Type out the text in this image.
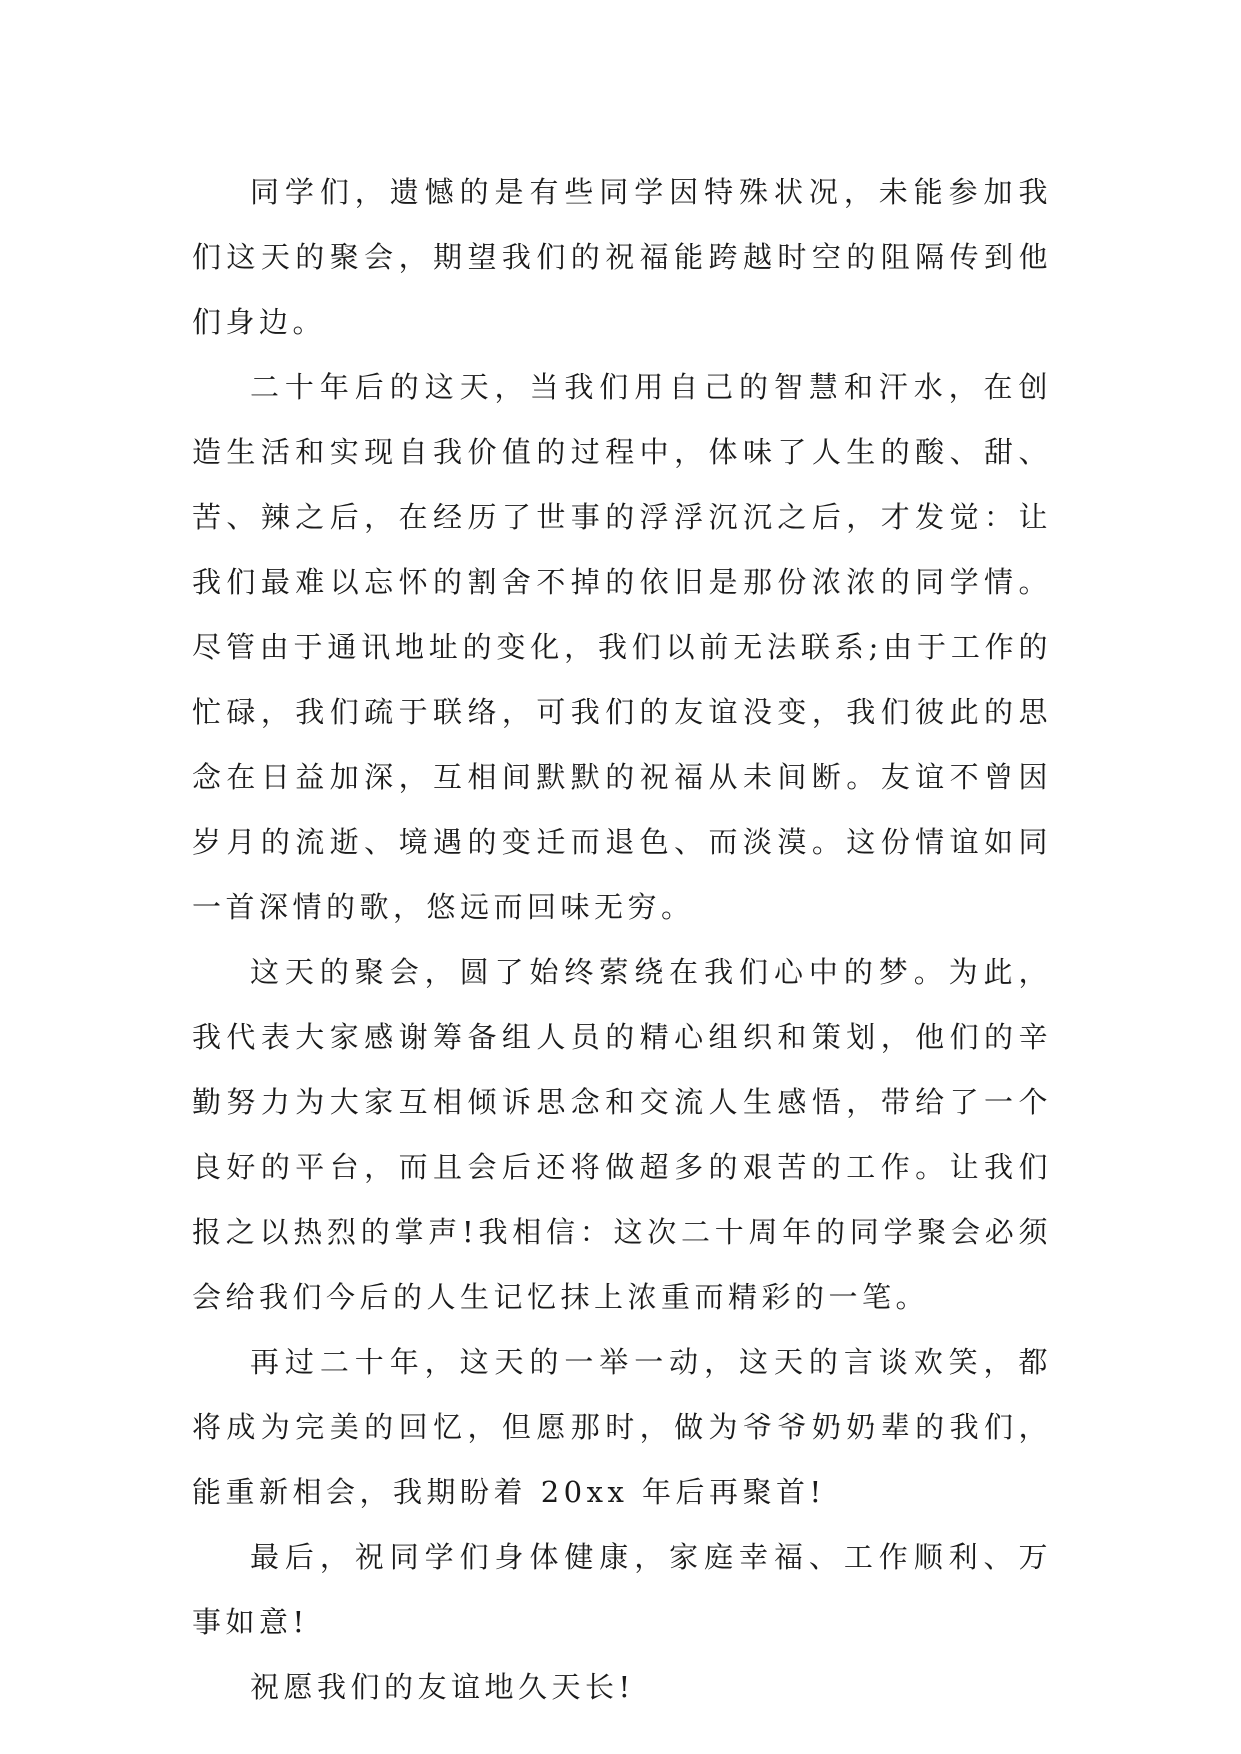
同学们，遗憾的是有些同学因特殊状况，未能参加我们这天的聚会，期望我们的祝福能跨越时空的阻隔传到他们身边。

二十年后的这天，当我们用自己的智慧和汗水，在创造生活和实现自我价值的过程中，体味了人生的酸、甜、苦、辣之后，在经历了世事的浮浮沉沉之后，才发觉：让我们最难以忘怀的割舍不掉的依旧是那份浓浓的同学情。尽管由于通讯地址的变化，我们以前无法联系;由于工作的忙碌，我们疏于联络，可我们的友谊没变，我们彼此的思念在日益加深，互相间默默的祝福从未间断。友谊不曾因岁月的流逝、境遇的变迁而退色、而淡漠。这份情谊如同一首深情的歌，悠远而回味无穷。

这天的聚会，圆了始终萦绕在我们心中的梦。为此，我代表大家感谢筹备组人员的精心组织和策划，他们的辛勤努力为大家互相倾诉思念和交流人生感悟，带给了一个良好的平台，而且会后还将做超多的艰苦的工作。让我们报之以热烈的掌声!我相信：这次二十周年的同学聚会必须会给我们今后的人生记忆抹上浓重而精彩的一笔。

再过二十年，这天的一举一动，这天的言谈欢笑，都将成为完美的回忆，但愿那时，做为爷爷奶奶辈的我们，能重新相会，我期盼着 20xx 年后再聚首!

最后，祝同学们身体健康，家庭幸福、工作顺利、万事如意!

祝愿我们的友谊地久天长!
